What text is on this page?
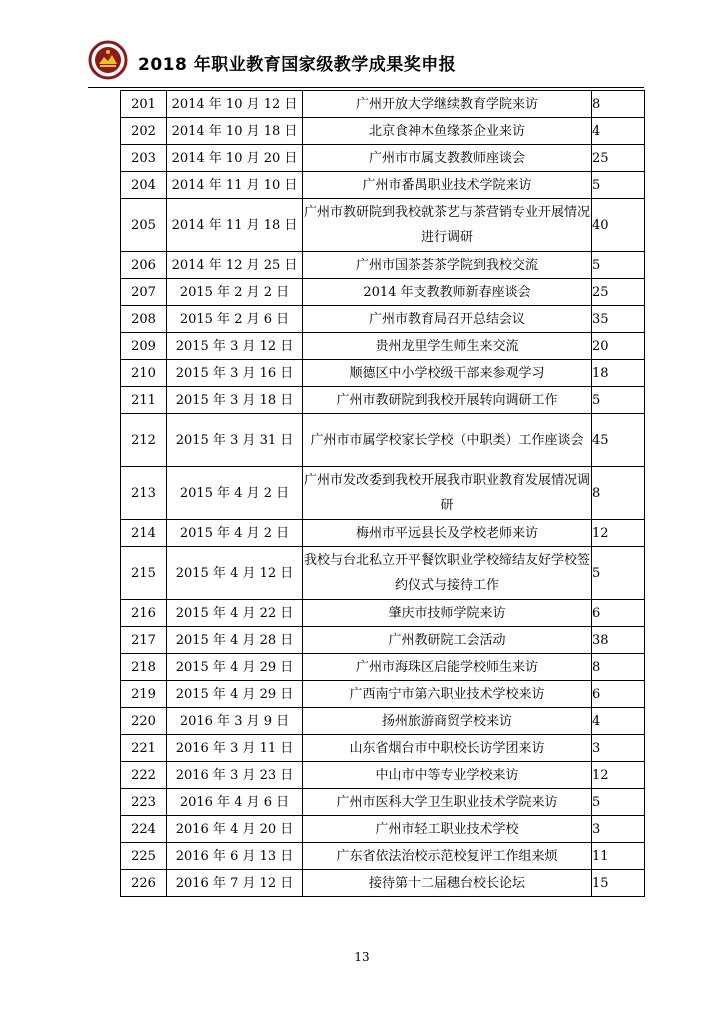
2018 年职业教育国家级教学成果奖申报
201	2014 年 10 月 12 日	广州开放大学继续教育学院来访	8
202	2014 年 10 月 18 日	北京食神木鱼缘茶企业来访	4
203	2014 年 10 月 20 日	广州市市属支教教师座谈会	25
204	2014 年 11 月 10 日	广州市番禺职业技术学院来访	5
205	2014 年 11 月 18 日	广州市教研院到我校就茶艺与茶营销专业开展情况进行调研	40
206	2014 年 12 月 25 日	广州市国茶荟茶学院到我校交流	5
207	2015 年 2 月 2 日	2014 年支教教师新春座谈会	25
208	2015 年 2 月 6 日	广州市教育局召开总结会议	35
209	2015 年 3 月 12 日	贵州龙里学生师生来交流	20
210	2015 年 3 月 16 日	顺德区中小学校级干部来参观学习	18
211	2015 年 3 月 18 日	广州市教研院到我校开展转向调研工作	5
212	2015 年 3 月 31 日	广州市市属学校家长学校（中职类）工作座谈会	45
213	2015 年 4 月 2 日	广州市发改委到我校开展我市职业教育发展情况调研	8
214	2015 年 4 月 2 日	梅州市平远县长及学校老师来访	12
215	2015 年 4 月 12 日	我校与台北私立开平餐饮职业学校缔结友好学校签约仪式与接待工作	5
216	2015 年 4 月 22 日	肇庆市技师学院来访	6
217	2015 年 4 月 28 日	广州教研院工会活动	38
218	2015 年 4 月 29 日	广州市海珠区启能学校师生来访	8
219	2015 年 4 月 29 日	广西南宁市第六职业技术学校来访	6
220	2016 年 3 月 9 日	扬州旅游商贸学校来访	4
221	2016 年 3 月 11 日	山东省烟台市中职校长访学团来访	3
222	2016 年 3 月 23 日	中山市中等专业学校来访	12
223	2016 年 4 月 6 日	广州市医科大学卫生职业技术学院来访	5
224	2016 年 4 月 20 日	广州市轻工职业技术学校	3
225	2016 年 6 月 13 日	广东省依法治校示范校复评工作组来烦	11
226	2016 年 7 月 12 日	接待第十二届穗台校长论坛	15
13
